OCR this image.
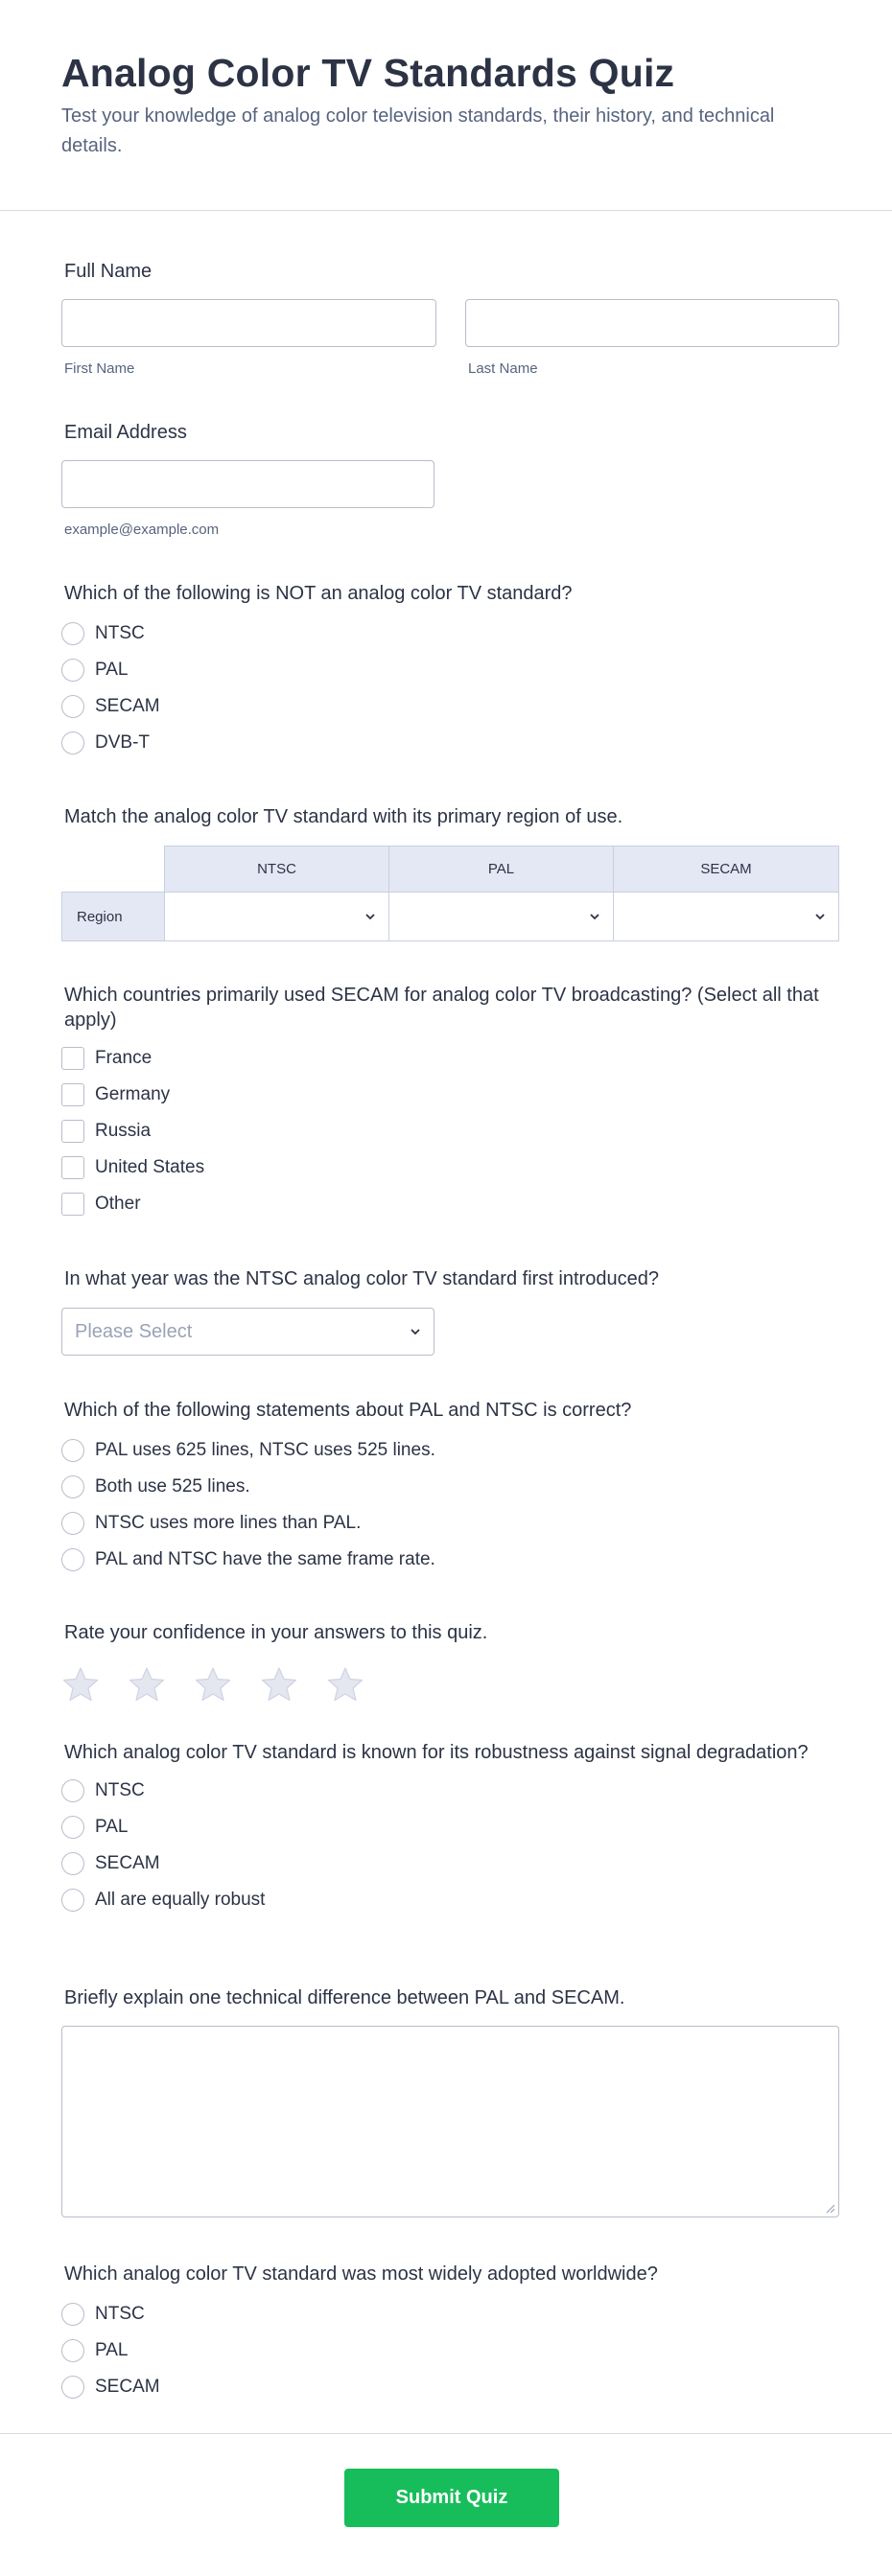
Analog Color TV Standards Quiz

Test your knowledge of analog color television standards, their history, and technical details.

Full Name
First Name	Last Name
Email Address
example@example.com
Which of the following is NOT an analog color TV standard?
NTSC
PAL
SECAM
DVB-T
Match the analog color TV standard with its primary region of use.
NTSC	PAL	SECAM
Region
Which countries primarily used SECAM for analog color TV broadcasting? (Select all that apply)
France
Germany
Russia
United States
Other
In what year was the NTSC analog color TV standard first introduced?
Please Select
Which of the following statements about PAL and NTSC is correct?
PAL uses 625 lines, NTSC uses 525 lines.
Both use 525 lines.
NTSC uses more lines than PAL.
PAL and NTSC have the same frame rate.
Rate your confidence in your answers to this quiz.
Which analog color TV standard is known for its robustness against signal degradation?
NTSC
PAL
SECAM
All are equally robust
Briefly explain one technical difference between PAL and SECAM.
Which analog color TV standard was most widely adopted worldwide?
NTSC
PAL
SECAM
Submit Quiz
